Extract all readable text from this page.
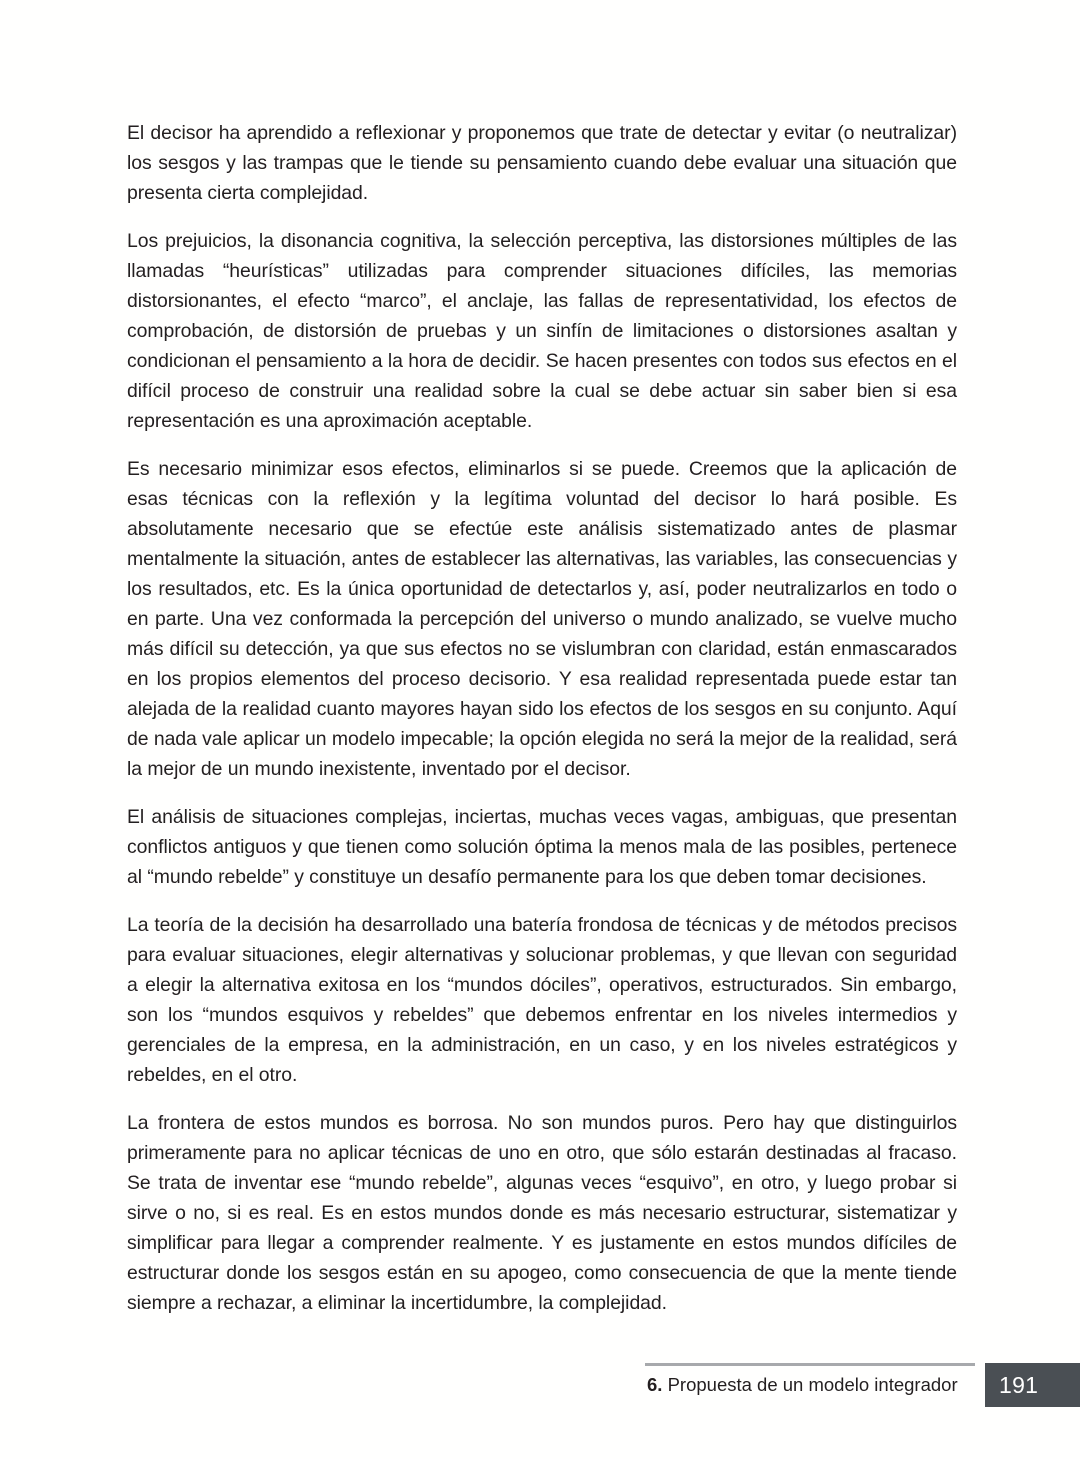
El decisor ha aprendido a reflexionar y proponemos que trate de detectar y evitar (o neutralizar) los sesgos y las trampas que le tiende su pensamiento cuando debe evaluar una situación que presenta cierta complejidad.

Los prejuicios, la disonancia cognitiva, la selección perceptiva, las distorsiones múltiples de las llamadas “heurísticas” utilizadas para comprender situaciones difíciles, las memorias distorsionantes, el efecto “marco”, el anclaje, las fallas de representatividad, los efectos de comprobación, de distorsión de pruebas y un sinfín de limitaciones o distorsiones asaltan y condicionan el pensamiento a la hora de decidir. Se hacen presentes con todos sus efectos en el difícil proceso de construir una realidad sobre la cual se debe actuar sin saber bien si esa representación es una aproximación aceptable.

Es necesario minimizar esos efectos, eliminarlos si se puede. Creemos que la aplicación de esas técnicas con la reflexión y la legítima voluntad del decisor lo hará posible. Es absolutamente necesario que se efectúe este análisis sistematizado antes de plasmar mentalmente la situación, antes de establecer las alternativas, las variables, las consecuencias y los resultados, etc. Es la única oportunidad de detectarlos y, así, poder neutralizarlos en todo o en parte. Una vez conformada la percepción del universo o mundo analizado, se vuelve mucho más difícil su detección, ya que sus efectos no se vislumbran con claridad, están enmascarados en los propios elementos del proceso decisorio. Y esa realidad representada puede estar tan alejada de la realidad cuanto mayores hayan sido los efectos de los sesgos en su conjunto. Aquí de nada vale aplicar un modelo impecable; la opción elegida no será la mejor de la realidad, será la mejor de un mundo inexistente, inventado por el decisor.

El análisis de situaciones complejas, inciertas, muchas veces vagas, ambiguas, que presentan conflictos antiguos y que tienen como solución óptima la menos mala de las posibles, pertenece al “mundo rebelde” y constituye un desafío permanente para los que deben tomar decisiones.

La teoría de la decisión ha desarrollado una batería frondosa de técnicas y de métodos precisos para evaluar situaciones, elegir alternativas y solucionar problemas, y que llevan con seguridad a elegir la alternativa exitosa en los “mundos dóciles”, operativos, estructurados. Sin embargo, son los “mundos esquivos y rebeldes” que debemos enfrentar en los niveles intermedios y gerenciales de la empresa, en la administración, en un caso, y en los niveles estratégicos y rebeldes, en el otro.

La frontera de estos mundos es borrosa. No son mundos puros. Pero hay que distinguirlos primeramente para no aplicar técnicas de uno en otro, que sólo estarán destinadas al fracaso. Se trata de inventar ese “mundo rebelde”, algunas veces “esquivo”, en otro, y luego probar si sirve o no, si es real. Es en estos mundos donde es más necesario estructurar, sistematizar y simplificar para llegar a comprender realmente. Y es justamente en estos mundos difíciles de estructurar donde los sesgos están en su apogeo, como consecuencia de que la mente tiende siempre a rechazar, a eliminar la incertidumbre, la complejidad.

6. Propuesta de un modelo integrador	191
